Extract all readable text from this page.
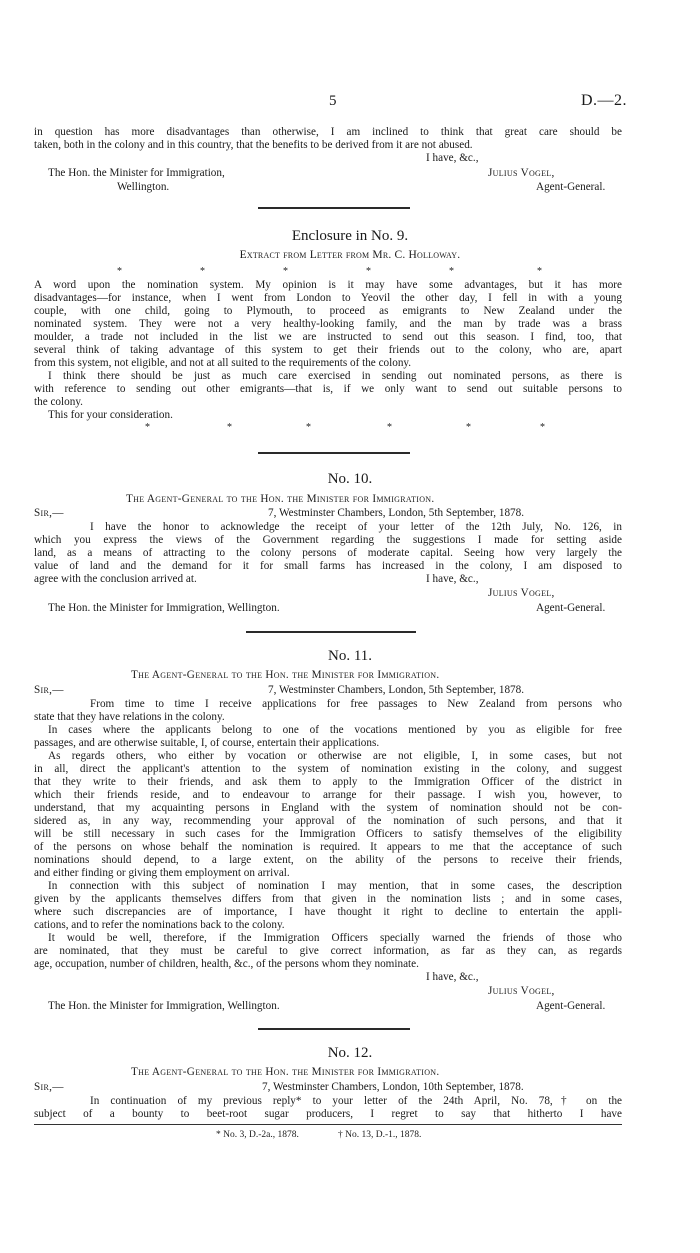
5	D.—2.
in question has more disadvantages than otherwise, I am inclined to think that great care should be
taken, both in the colony and in this country, that the benefits to be derived from it are not abused.
I have, &c.,
The Hon. the Minister for Immigration,	Julius Vogel,
Wellington.	Agent-General.
Enclosure in No. 9.
Extract from Letter from Mr. C. Holloway.
*	*	*	*	*	*
A word upon the nomination system. My opinion is it may have some advantages, but it has more
disadvantages—for instance, when I went from London to Yeovil the other day, I fell in with a young
couple, with one child, going to Plymouth, to proceed as emigrants to New Zealand under the
nominated system. They were not a very healthy-looking family, and the man by trade was a brass
moulder, a trade not included in the list we are instructed to send out this season. I find, too, that
several think of taking advantage of this system to get their friends out to the colony, who are, apart
from this system, not eligible, and not at all suited to the requirements of the colony.
I think there should be just as much care exercised in sending out nominated persons, as there is
with reference to sending out other emigrants—that is, if we only want to send out suitable persons to
the colony.
This for your consideration.
*	*	*	*	*	*
No. 10.
The Agent-General to the Hon. the Minister for Immigration.
Sir,—	7, Westminster Chambers, London, 5th September, 1878.
I have the honor to acknowledge the receipt of your letter of the 12th July, No. 126, in
which you express the views of the Government regarding the suggestions I made for setting aside
land, as a means of attracting to the colony persons of moderate capital. Seeing how very largely the
value of land and the demand for it for small farms has increased in the colony, I am disposed to
agree with the conclusion arrived at.	I have, &c.,
Julius Vogel,
The Hon. the Minister for Immigration, Wellington.	Agent-General.
No. 11.
The Agent-General to the Hon. the Minister for Immigration.
Sir,—	7, Westminster Chambers, London, 5th September, 1878.
From time to time I receive applications for free passages to New Zealand from persons who
state that they have relations in the colony.
In cases where the applicants belong to one of the vocations mentioned by you as eligible for free
passages, and are otherwise suitable, I, of course, entertain their applications.
As regards others, who either by vocation or otherwise are not eligible, I, in some cases, but not
in all, direct the applicant's attention to the system of nomination existing in the colony, and suggest
that they write to their friends, and ask them to apply to the Immigration Officer of the district in
which their friends reside, and to endeavour to arrange for their passage. I wish you, however, to
understand, that my acquainting persons in England with the system of nomination should not be con-
sidered as, in any way, recommending your approval of the nomination of such persons, and that it
will be still necessary in such cases for the Immigration Officers to satisfy themselves of the eligibility
of the persons on whose behalf the nomination is required. It appears to me that the acceptance of such
nominations should depend, to a large extent, on the ability of the persons to receive their friends,
and either finding or giving them employment on arrival.
In connection with this subject of nomination I may mention, that in some cases, the description
given by the applicants themselves differs from that given in the nomination lists ; and in some cases,
where such discrepancies are of importance, I have thought it right to decline to entertain the appli-
cations, and to refer the nominations back to the colony.
It would be well, therefore, if the Immigration Officers specially warned the friends of those who
are nominated, that they must be careful to give correct information, as far as they can, as regards
age, occupation, number of children, health, &c., of the persons whom they nominate.
I have, &c.,
Julius Vogel,
The Hon. the Minister for Immigration, Wellington.	Agent-General.
No. 12.
The Agent-General to the Hon. the Minister for Immigration.
Sir,—	7, Westminster Chambers, London, 10th September, 1878.
In continuation of my previous reply* to your letter of the 24th April, No. 78,† on the
subject of a bounty to beet-root sugar producers, I regret to say that hitherto I have
* No. 3, D.-2a., 1878.	† No. 13, D.-1., 1878.
